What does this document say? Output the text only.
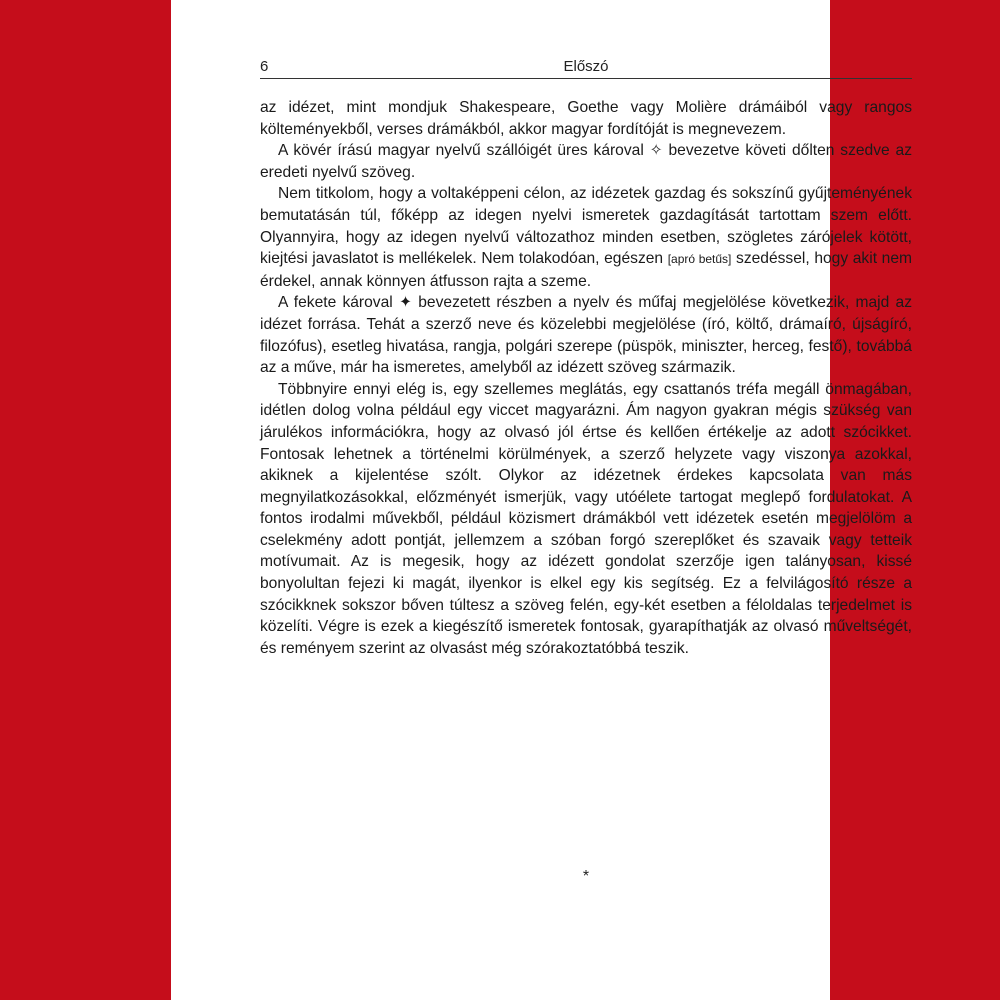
6	Előszó

az idézet, mint mondjuk Shakespeare, Goethe vagy Molière drámáiból vagy rangos költeményekből, verses drámákból, akkor magyar fordítóját is megnevezem.

A kövér írású magyar nyelvű szállóigét üres károval ✧ bevezetve követi dőlten szedve az eredeti nyelvű szöveg.

Nem titkolom, hogy a voltaképpeni célon, az idézetek gazdag és sokszínű gyűjteményének bemutatásán túl, főképp az idegen nyelvi ismeretek gazdagítását tartottam szem előtt. Olyannyira, hogy az idegen nyelvű változathoz minden esetben, szögletes zárójelek kötött, kiejtési javaslatot is mellékelek. Nem tolakodóan, egészen [apró betűs] szedéssel, hogy akit nem érdekel, annak könnyen átfusson rajta a szeme.

A fekete károval ✦ bevezetett részben a nyelv és műfaj megjelölése következik, majd az idézet forrása. Tehát a szerző neve és közelebbi megjelölése (író, költő, drámaíró, újságíró, filozófus), esetleg hivatása, rangja, polgári szerepe (püspök, miniszter, herceg, festő), továbbá az a műve, már ha ismeretes, amelyből az idézett szöveg származik.

Többnyire ennyi elég is, egy szellemes meglátás, egy csattanós tréfa megáll önmagában, idétlen dolog volna például egy viccet magyarázni. Ám nagyon gyakran mégis szükség van járulékos információkra, hogy az olvasó jól értse és kellően értékelje az adott szócikket. Fontosak lehetnek a történelmi körülmények, a szerző helyzete vagy viszonya azokkal, akiknek a kijelentése szólt. Olykor az idézetnek érdekes kapcsolata van más megnyilatkozásokkal, előzményét ismerjük, vagy utóélete tartogat meglepő fordulatokat. A fontos irodalmi művekből, például közismert drámákból vett idézetek esetén megjelölöm a cselekmény adott pontját, jellemzem a szóban forgó szereplőket és szavaik vagy tetteik motívumait. Az is megesik, hogy az idézett gondolat szerzője igen talányosan, kissé bonyolultan fejezi ki magát, ilyenkor is elkel egy kis segítség. Ez a felvilágosító része a szócikknek sokszor bőven túltesz a szöveg felén, egy-két esetben a féloldalas terjedelmet is közelíti. Végre is ezek a kiegészítő ismeretek fontosak, gyarapíthatják az olvasó műveltségét, és reményem szerint az olvasást még szórakoztatóbbá teszik.

*
